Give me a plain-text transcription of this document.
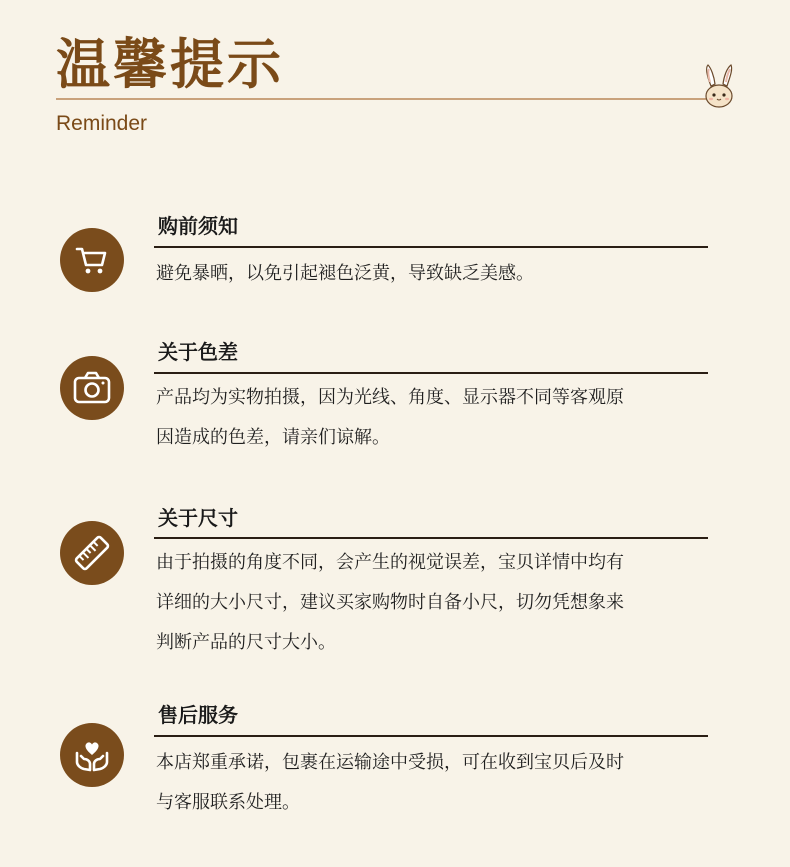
温馨提示
Reminder
购前须知
避免暴晒，以免引起褪色泛黄，导致缺乏美感。
关于色差
产品均为实物拍摄，因为光线、角度、显示器不同等客观原
因造成的色差，请亲们谅解。
关于尺寸
由于拍摄的角度不同，会产生的视觉误差，宝贝详情中均有
详细的大小尺寸，建议买家购物时自备小尺，切勿凭想象来
判断产品的尺寸大小。
售后服务
本店郑重承诺，包裹在运输途中受损，可在收到宝贝后及时
与客服联系处理。
